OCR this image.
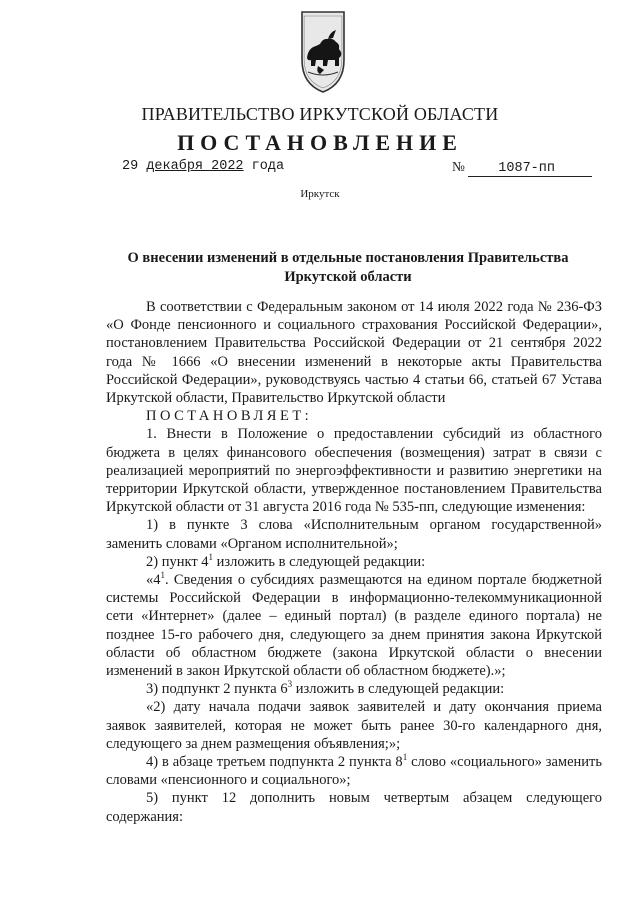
ПРАВИТЕЛЬСТВО ИРКУТСКОЙ ОБЛАСТИ
ПОСТАНОВЛЕНИЕ
29 декабря 2022 года	№ 1087-пп
Иркутск
О внесении изменений в отдельные постановления Правительства Иркутской области

В соответствии с Федеральным законом от 14 июля 2022 года № 236-ФЗ «О Фонде пенсионного и социального страхования Российской Федерации», постановлением Правительства Российской Федерации от 21 сентября 2022 года № 1666 «О внесении изменений в некоторые акты Правительства Российской Федерации», руководствуясь частью 4 статьи 66, статьей 67 Устава Иркутской области, Правительство Иркутской области

ПОСТАНОВЛЯЕТ:

1. Внести в Положение о предоставлении субсидий из областного бюджета в целях финансового обеспечения (возмещения) затрат в связи с реализацией мероприятий по энергоэффективности и развитию энергетики на территории Иркутской области, утвержденное постановлением Правительства Иркутской области от 31 августа 2016 года № 535-пп, следующие изменения:

1) в пункте 3 слова «Исполнительным органом государственной» заменить словами «Органом исполнительной»;

2) пункт $4^1$ изложить в следующей редакции:

«$4^1$. Сведения о субсидиях размещаются на едином портале бюджетной системы Российской Федерации в информационно-телекоммуникационной сети «Интернет» (далее – единый портал) (в разделе единого портала) не позднее 15-го рабочего дня, следующего за днем принятия закона Иркутской области об областном бюджете (закона Иркутской области о внесении изменений в закон Иркутской области об областном бюджете).»;

3) подпункт 2 пункта $6^3$ изложить в следующей редакции:

«2) дату начала подачи заявок заявителей и дату окончания приема заявок заявителей, которая не может быть ранее 30-го календарного дня, следующего за днем размещения объявления;»;

4) в абзаце третьем подпункта 2 пункта $8^1$ слово «социального» заменить словами «пенсионного и социального»;

5) пункт 12 дополнить новым четвертым абзацем следующего содержания:
